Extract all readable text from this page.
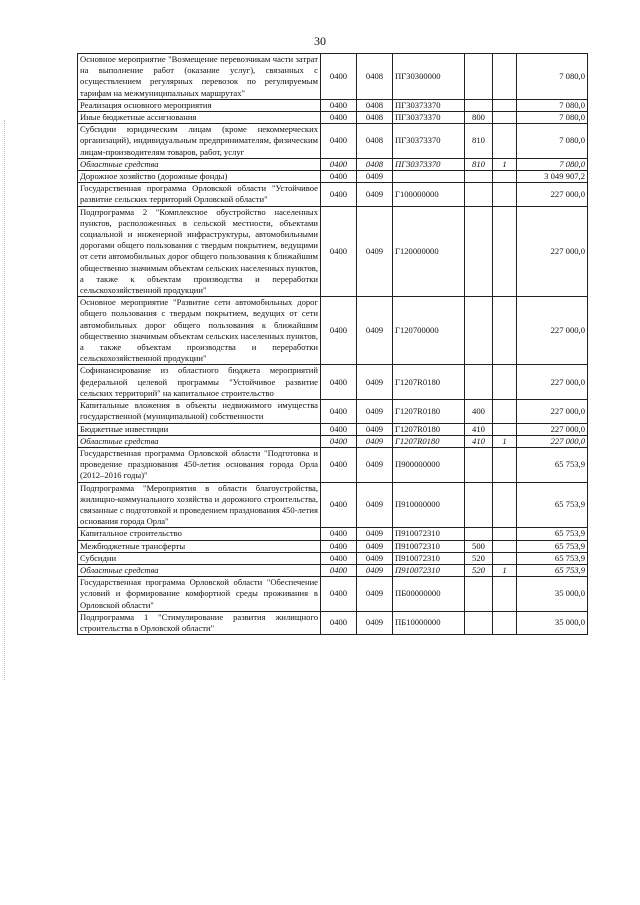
30
Основное мероприятие "Возмещение перевозчикам части затрат на выполнение работ (оказание услуг), связанных с осуществлением регулярных перевозок по регулируемым тарифам на межмуниципальных маршрутах"	0400	0408	ПГ30300000			7 080,0
Реализация основного мероприятия	0400	0408	ПГ30373370			7 080,0
Иные бюджетные ассигнования	0400	0408	ПГ30373370	800		7 080,0
Субсидии юридическим лицам (кроме некоммерческих организаций), индивидуальным предпринимателям, физическим лицам-производителям товаров, работ, услуг	0400	0408	ПГ30373370	810		7 080,0
Областные средства	0400	0408	ПГ30373370	810	1	7 080,0
Дорожное хозяйство (дорожные фонды)	0400	0409				3 049 907,2
Государственная программа Орловской области "Устойчивое развитие сельских территорий Орловской области"	0400	0409	Г100000000			227 000,0
Подпрограмма 2 "Комплексное обустройство населенных пунктов, расположенных в сельской местности, объектами социальной и инженерной инфраструктуры, автомобильными дорогами общего пользования с твердым покрытием, ведущими от сети автомобильных дорог общего пользования к ближайшим общественно значимым объектам сельских населенных пунктов, а также к объектам производства и переработки сельскохозяйственной продукции"	0400	0409	Г120000000			227 000,0
Основное мероприятие "Развитие сети автомобильных дорог общего пользования с твердым покрытием, ведущих от сети автомобильных дорог общего пользования к ближайшим общественно значимым объектам сельских населенных пунктов, а также объектам производства и переработки сельскохозяйственной продукции"	0400	0409	Г120700000			227 000,0
Софинансирование из областного бюджета мероприятий федеральной целевой программы "Устойчивое развитие сельских территорий" на капитальное строительство	0400	0409	Г1207R0180			227 000,0
Капитальные вложения в объекты недвижимого имущества государственной (муниципальной) собственности	0400	0409	Г1207R0180	400		227 000,0
Бюджетные инвестиции	0400	0409	Г1207R0180	410		227 000,0
Областные средства	0400	0409	Г1207R0180	410	1	227 000,0
Государственная программа Орловской области "Подготовка и проведение празднования 450-летия основания города Орла (2012–2016 годы)"	0400	0409	П900000000			65 753,9
Подпрограмма "Мероприятия в области благоустройства, жилищно-коммунального хозяйства и дорожного строительства, связанные с подготовкой и проведением празднования 450-летия основания города Орла"	0400	0409	П910000000			65 753,9
Капитальное строительство	0400	0409	П910072310			65 753,9
Межбюджетные трансферты	0400	0409	П910072310	500		65 753,9
Субсидии	0400	0409	П910072310	520		65 753,9
Областные средства	0400	0409	П910072310	520	1	65 753,9
Государственная программа Орловской области "Обеспечение условий и формирование комфортной среды проживания в Орловской области"	0400	0409	ПБ00000000			35 000,0
Подпрограмма 1 "Стимулирование развития жилищного строительства в Орловской области"	0400	0409	ПБ10000000			35 000,0
